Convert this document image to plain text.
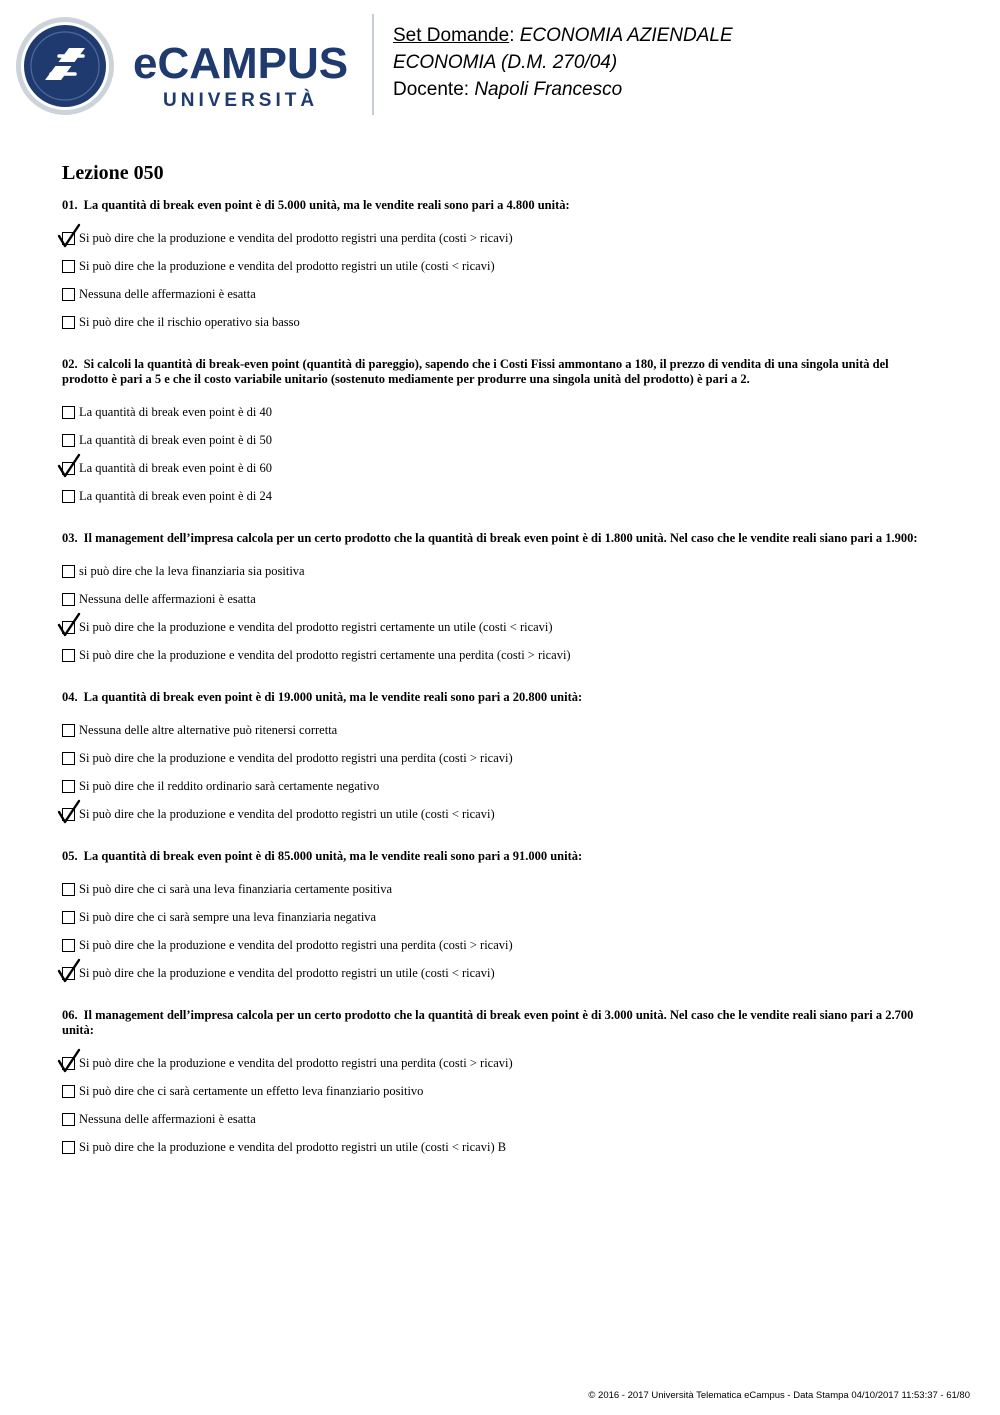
eCAMPUS
UNIVERSITÀ
Set Domande: ECONOMIA AZIENDALE
ECONOMIA (D.M. 270/04)
Docente: Napoli Francesco
Lezione 050

01. La quantità di break even point è di 5.000 unità, ma le vendite reali sono pari a 4.800 unità:

Si può dire che la produzione e vendita del prodotto registri una perdita (costi > ricavi)
Si può dire che la produzione e vendita del prodotto registri un utile (costi < ricavi)
Nessuna delle affermazioni è esatta
Si può dire che il rischio operativo sia basso

02. Si calcoli la quantità di break-even point (quantità di pareggio), sapendo che i Costi Fissi ammontano a 180, il prezzo di vendita di una singola unità del prodotto è pari a 5 e che il costo variabile unitario (sostenuto mediamente per produrre una singola unità del prodotto) è pari a 2.

La quantità di break even point è di 40
La quantità di break even point è di 50
La quantità di break even point è di 60
La quantità di break even point è di 24

03. Il management dell’impresa calcola per un certo prodotto che la quantità di break even point è di 1.800 unità. Nel caso che le vendite reali siano pari a 1.900:

si può dire che la leva finanziaria sia positiva
Nessuna delle affermazioni è esatta
Si può dire che la produzione e vendita del prodotto registri certamente un utile (costi < ricavi)
Si può dire che la produzione e vendita del prodotto registri certamente una perdita (costi > ricavi)

04. La quantità di break even point è di 19.000 unità, ma le vendite reali sono pari a 20.800 unità:

Nessuna delle altre alternative può ritenersi corretta
Si può dire che la produzione e vendita del prodotto registri una perdita (costi > ricavi)
Si può dire che il reddito ordinario sarà certamente negativo
Si può dire che la produzione e vendita del prodotto registri un utile (costi < ricavi)

05. La quantità di break even point è di 85.000 unità, ma le vendite reali sono pari a 91.000 unità:

Si può dire che ci sarà una leva finanziaria certamente positiva
Si può dire che ci sarà sempre una leva finanziaria negativa
Si può dire che la produzione e vendita del prodotto registri una perdita (costi > ricavi)
Si può dire che la produzione e vendita del prodotto registri un utile (costi < ricavi)

06. Il management dell’impresa calcola per un certo prodotto che la quantità di break even point è di 3.000 unità. Nel caso che le vendite reali siano pari a 2.700 unità:

Si può dire che la produzione e vendita del prodotto registri una perdita (costi > ricavi)
Si può dire che ci sarà certamente un effetto leva finanziario positivo
Nessuna delle affermazioni è esatta
Si può dire che la produzione e vendita del prodotto registri un utile (costi < ricavi) B
© 2016 - 2017 Università Telematica eCampus - Data Stampa 04/10/2017 11:53:37 - 61/80
